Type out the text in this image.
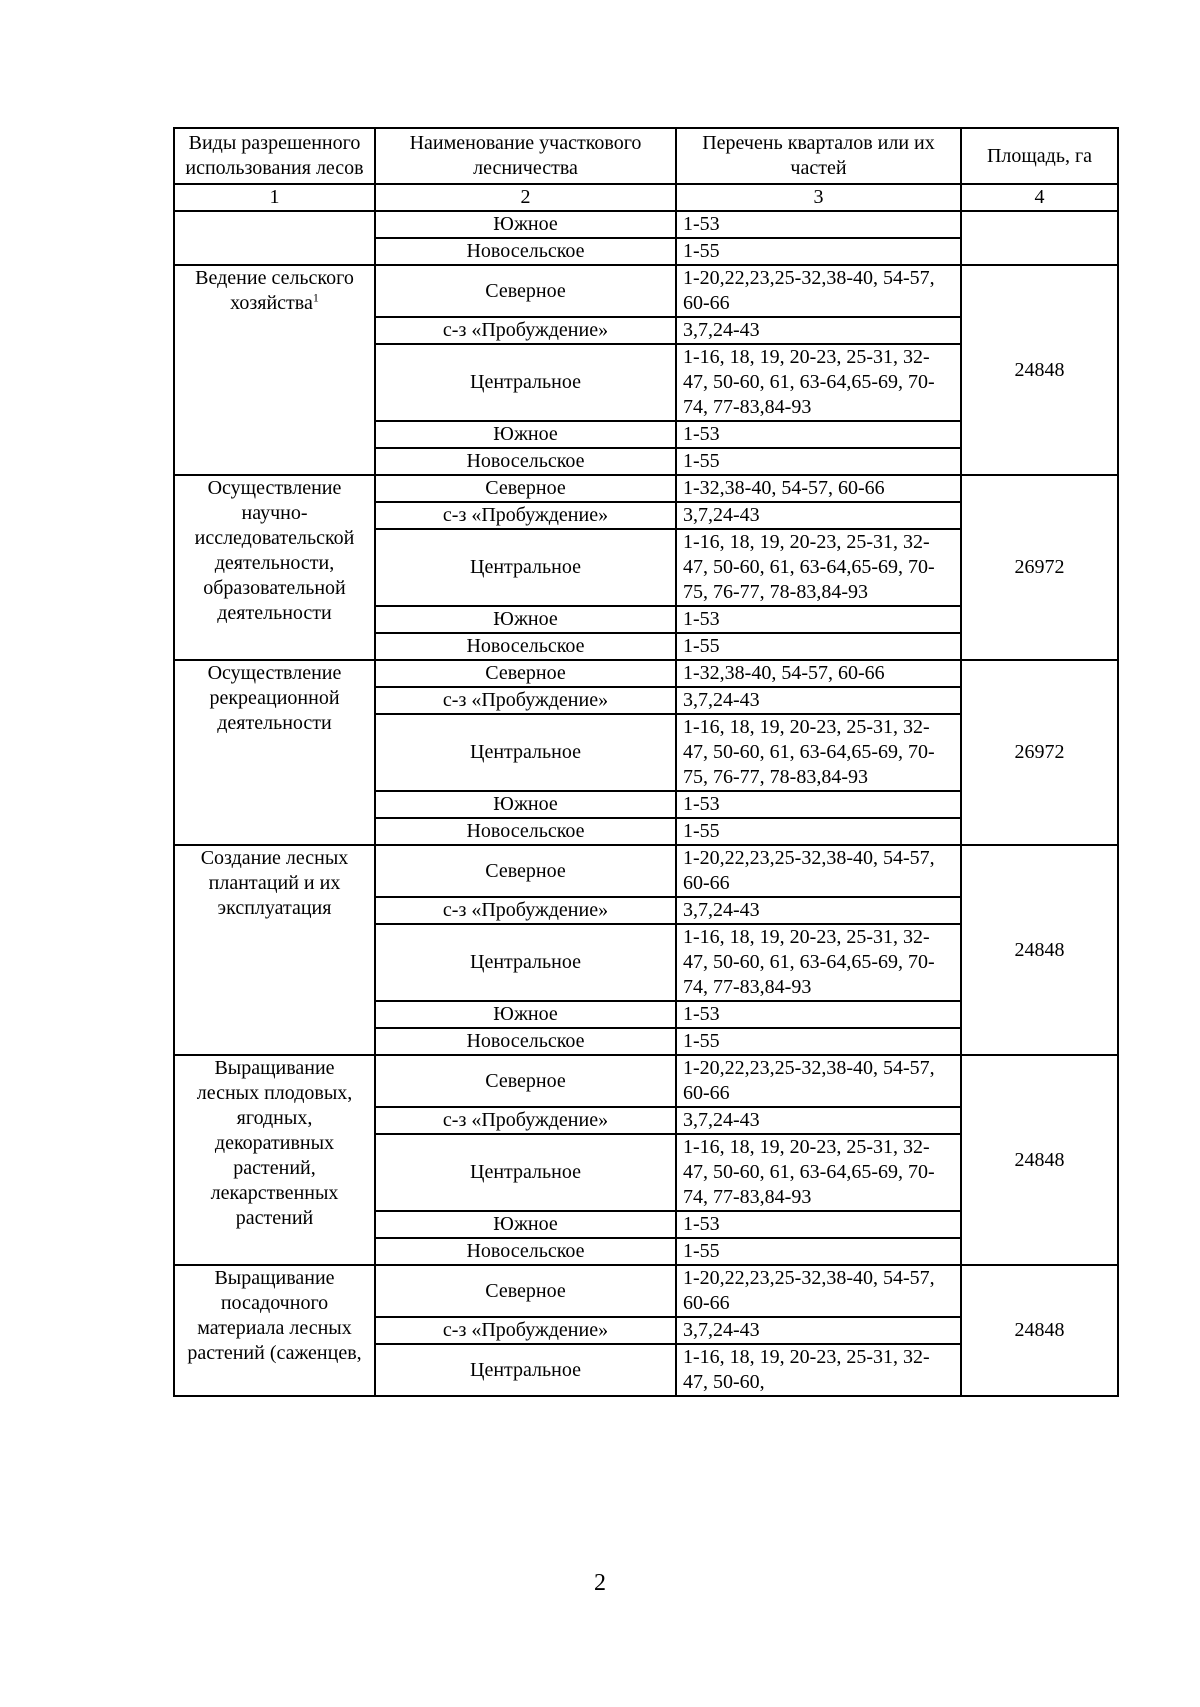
Виды разрешенного использования лесов	Наименование участкового лесничества	Перечень кварталов или их частей	Площадь, га
1	2	3	4
	Южное	1-53	
	Новосельское	1-55	
Ведение сельского хозяйства$^1$	Северное	1-20,22,23,25-32,38-40, 54-57, 60-66	24848
	с-з «Пробуждение»	3,7,24-43	
	Центральное	1-16, 18, 19, 20-23, 25-31, 32-47, 50-60, 61, 63-64,65-69, 70-74, 77-83,84-93	
	Южное	1-53	
	Новосельское	1-55	
Осуществление научно-исследовательской деятельности, образовательной деятельности	Северное	1-32,38-40, 54-57, 60-66	26972
	с-з «Пробуждение»	3,7,24-43	
	Центральное	1-16, 18, 19, 20-23, 25-31, 32-47, 50-60, 61, 63-64,65-69, 70-75, 76-77, 78-83,84-93	
	Южное	1-53	
	Новосельское	1-55	
Осуществление рекреационной деятельности	Северное	1-32,38-40, 54-57, 60-66	26972
	с-з «Пробуждение»	3,7,24-43	
	Центральное	1-16, 18, 19, 20-23, 25-31, 32-47, 50-60, 61, 63-64,65-69, 70-75, 76-77, 78-83,84-93	
	Южное	1-53	
	Новосельское	1-55	
Создание лесных плантаций и их эксплуатация	Северное	1-20,22,23,25-32,38-40, 54-57, 60-66	24848
	с-з «Пробуждение»	3,7,24-43	
	Центральное	1-16, 18, 19, 20-23, 25-31, 32-47, 50-60, 61, 63-64,65-69, 70-74, 77-83,84-93	
	Южное	1-53	
	Новосельское	1-55	
Выращивание лесных плодовых, ягодных, декоративных растений, лекарственных растений	Северное	1-20,22,23,25-32,38-40, 54-57, 60-66	24848
	с-з «Пробуждение»	3,7,24-43	
	Центральное	1-16, 18, 19, 20-23, 25-31, 32-47, 50-60, 61, 63-64,65-69, 70-74, 77-83,84-93	
	Южное	1-53	
	Новосельское	1-55	
Выращивание посадочного материала лесных растений (саженцев,	Северное	1-20,22,23,25-32,38-40, 54-57, 60-66	24848
	с-з «Пробуждение»	3,7,24-43	
	Центральное	1-16, 18, 19, 20-23, 25-31, 32-47, 50-60,	
2
